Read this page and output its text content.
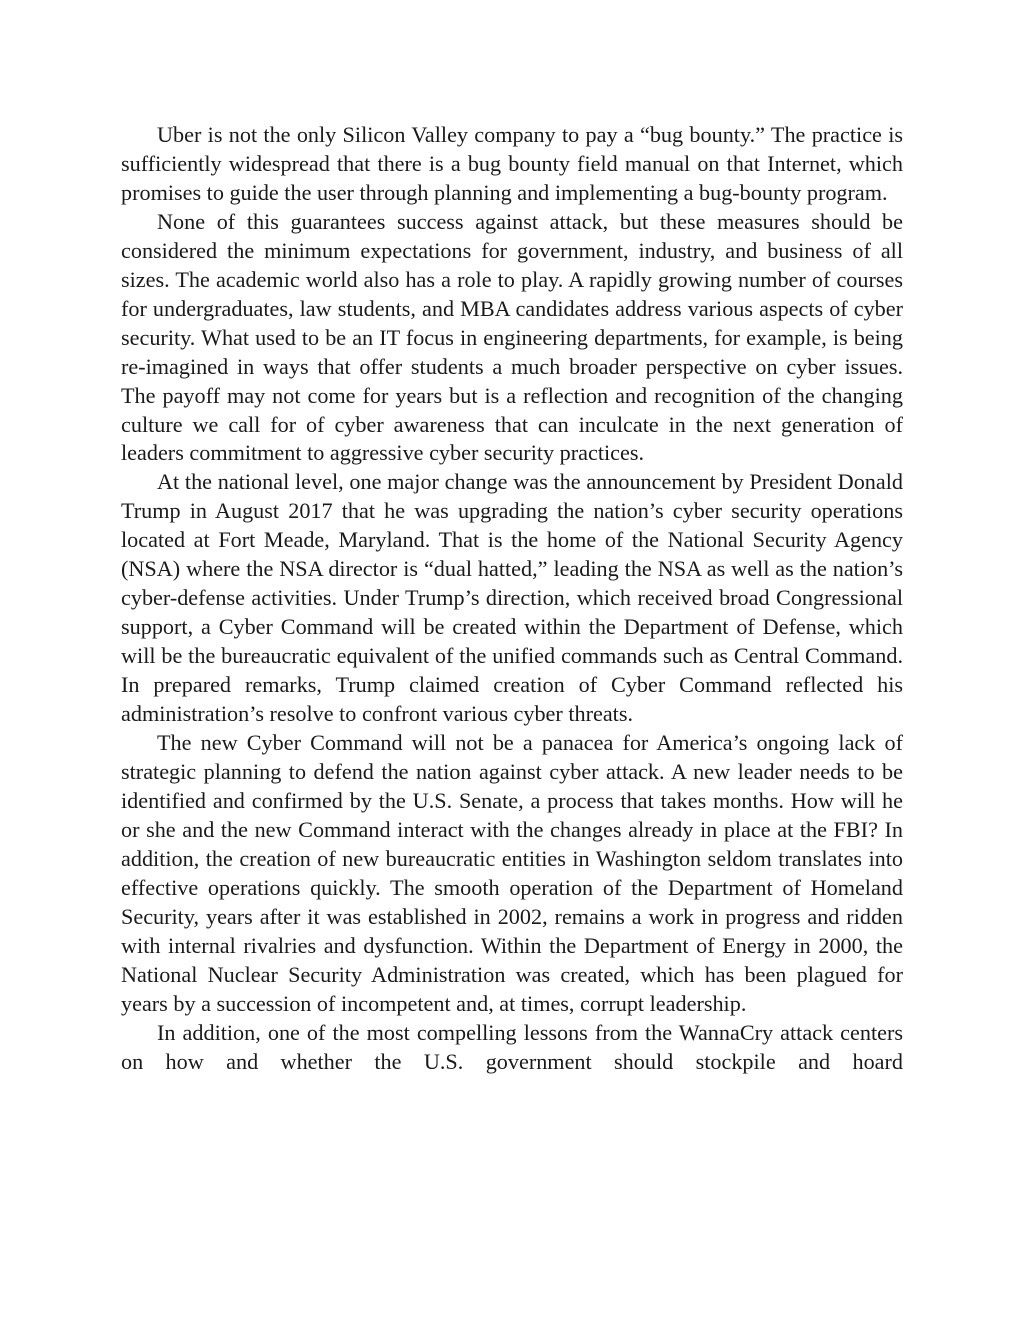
Uber is not the only Silicon Valley company to pay a “bug bounty.” The practice is sufficiently widespread that there is a bug bounty field manual on that Internet, which promises to guide the user through planning and implementing a bug-bounty program.

None of this guarantees success against attack, but these measures should be considered the minimum expectations for government, industry, and business of all sizes. The academic world also has a role to play. A rapidly growing number of courses for undergraduates, law students, and MBA candidates address various aspects of cyber security. What used to be an IT focus in engineering departments, for example, is being re-imagined in ways that offer students a much broader perspective on cyber issues. The payoff may not come for years but is a reflection and recognition of the changing culture we call for of cyber awareness that can inculcate in the next generation of leaders commitment to aggressive cyber security practices.

At the national level, one major change was the announcement by President Donald Trump in August 2017 that he was upgrading the nation’s cyber security operations located at Fort Meade, Maryland. That is the home of the National Security Agency (NSA) where the NSA director is “dual hatted,” leading the NSA as well as the nation’s cyber-defense activities. Under Trump’s direction, which received broad Congressional support, a Cyber Command will be created within the Department of Defense, which will be the bureaucratic equivalent of the unified commands such as Central Command. In prepared remarks, Trump claimed creation of Cyber Command reflected his administration’s resolve to confront various cyber threats.

The new Cyber Command will not be a panacea for America’s ongoing lack of strategic planning to defend the nation against cyber attack. A new leader needs to be identified and confirmed by the U.S. Senate, a process that takes months. How will he or she and the new Command interact with the changes already in place at the FBI? In addition, the creation of new bureaucratic entities in Washington seldom translates into effective operations quickly. The smooth operation of the Department of Homeland Security, years after it was established in 2002, remains a work in progress and ridden with internal rivalries and dysfunction. Within the Department of Energy in 2000, the National Nuclear Security Administration was created, which has been plagued for years by a succession of incompetent and, at times, corrupt leadership.

In addition, one of the most compelling lessons from the WannaCry attack centers on how and whether the U.S. government should stockpile and hoard
